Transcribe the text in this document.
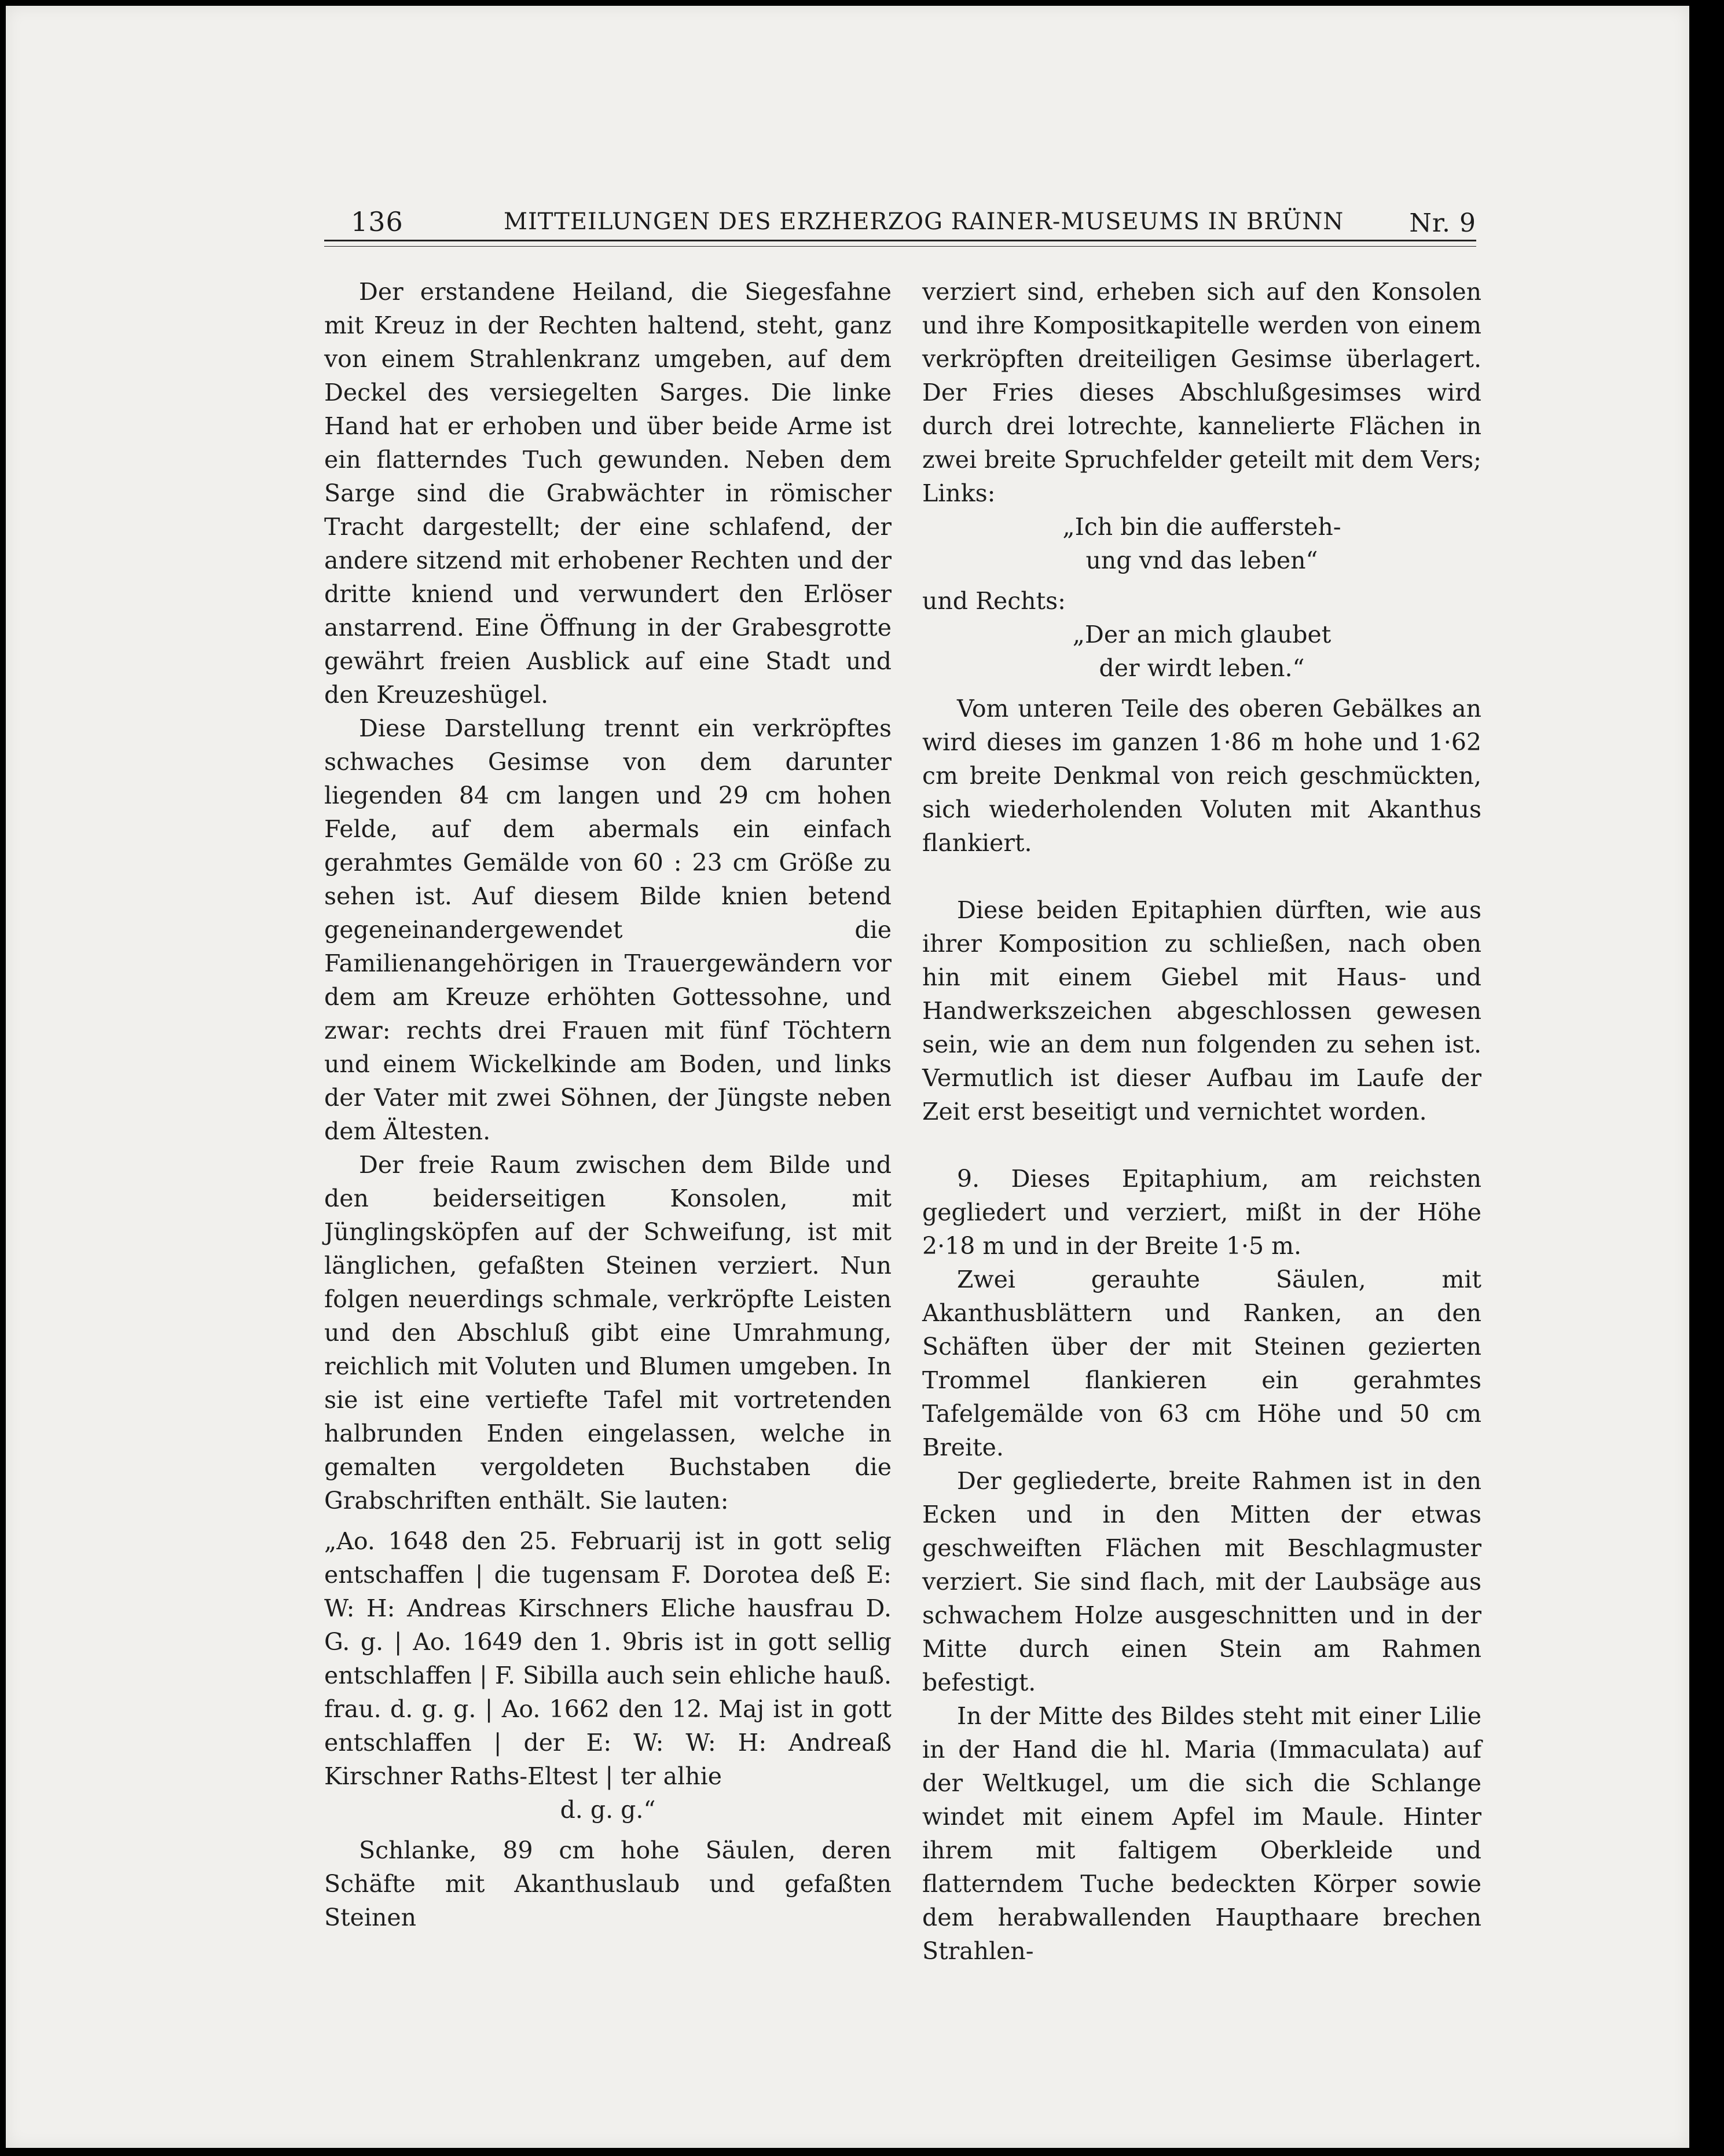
136	MITTEILUNGEN DES ERZHERZOG RAINER-MUSEUMS IN BRÜNN	Nr. 9

Der erstandene Heiland, die Siegesfahne mit Kreuz in der Rechten haltend, steht, ganz von einem Strahlenkranz umgeben, auf dem Deckel des versiegelten Sarges. Die linke Hand hat er erhoben und über beide Arme ist ein flatterndes Tuch gewunden. Neben dem Sarge sind die Grabwächter in römischer Tracht dargestellt; der eine schlafend, der andere sitzend mit erhobener Rechten und der dritte kniend und verwundert den Erlöser anstarrend. Eine Öffnung in der Grabesgrotte gewährt freien Ausblick auf eine Stadt und den Kreuzeshügel.

Diese Darstellung trennt ein verkröpftes schwaches Gesimse von dem darunter liegenden 84 cm langen und 29 cm hohen Felde, auf dem abermals ein einfach gerahmtes Gemälde von 60 : 23 cm Größe zu sehen ist. Auf diesem Bilde knien betend gegeneinandergewendet die Familienangehörigen in Trauergewändern vor dem am Kreuze erhöhten Gottessohne, und zwar: rechts drei Frauen mit fünf Töchtern und einem Wickelkinde am Boden, und links der Vater mit zwei Söhnen, der Jüngste neben dem Ältesten.

Der freie Raum zwischen dem Bilde und den beiderseitigen Konsolen, mit Jünglingsköpfen auf der Schweifung, ist mit länglichen, gefaßten Steinen verziert. Nun folgen neuerdings schmale, verkröpfte Leisten und den Abschluß gibt eine Umrahmung, reichlich mit Voluten und Blumen umgeben. In sie ist eine vertiefte Tafel mit vortretenden halbrunden Enden eingelassen, welche in gemalten vergoldeten Buchstaben die Grabschriften enthält. Sie lauten:

„Ao. 1648 den 25. Februarij ist in gott selig entschaffen | die tugensam F. Dorotea deß E: W: H: Andreas Kirschners Eliche hausfrau D. G. g. | Ao. 1649 den 1. 9bris ist in gott sellig entschlaffen | F. Sibilla auch sein ehliche hauß. frau. d. g. g. | Ao. 1662 den 12. Maj ist in gott entschlaffen | der E: W: W: H: Andreaß Kirschner Raths-Eltest | ter alhie

d. g. g.“

Schlanke, 89 cm hohe Säulen, deren Schäfte mit Akanthuslaub und gefaßten Steinen

verziert sind, erheben sich auf den Konsolen und ihre Kompositkapitelle werden von einem verkröpften dreiteiligen Gesimse überlagert. Der Fries dieses Abschlußgesimses wird durch drei lotrechte, kannelierte Flächen in zwei breite Spruchfelder geteilt mit dem Vers; Links:

„Ich bin die auffersteh-

ung vnd das leben“

und Rechts:

„Der an mich glaubet

der wirdt leben.“

Vom unteren Teile des oberen Gebälkes an wird dieses im ganzen 1·86 m hohe und 1·62 cm breite Denkmal von reich geschmückten, sich wiederholenden Voluten mit Akanthus flankiert.

Diese beiden Epitaphien dürften, wie aus ihrer Komposition zu schließen, nach oben hin mit einem Giebel mit Haus- und Handwerkszeichen abgeschlossen gewesen sein, wie an dem nun folgenden zu sehen ist. Vermutlich ist dieser Aufbau im Laufe der Zeit erst beseitigt und vernichtet worden.

9. Dieses Epitaphium, am reichsten gegliedert und verziert, mißt in der Höhe 2·18 m und in der Breite 1·5 m.

Zwei gerauhte Säulen, mit Akanthusblättern und Ranken, an den Schäften über der mit Steinen gezierten Trommel flankieren ein gerahmtes Tafelgemälde von 63 cm Höhe und 50 cm Breite.

Der gegliederte, breite Rahmen ist in den Ecken und in den Mitten der etwas geschweiften Flächen mit Beschlagmuster verziert. Sie sind flach, mit der Laubsäge aus schwachem Holze ausgeschnitten und in der Mitte durch einen Stein am Rahmen befestigt.

In der Mitte des Bildes steht mit einer Lilie in der Hand die hl. Maria (Immaculata) auf der Weltkugel, um die sich die Schlange windet mit einem Apfel im Maule. Hinter ihrem mit faltigem Oberkleide und flatterndem Tuche bedeckten Körper sowie dem herabwallenden Haupthaare brechen Strahlen-
